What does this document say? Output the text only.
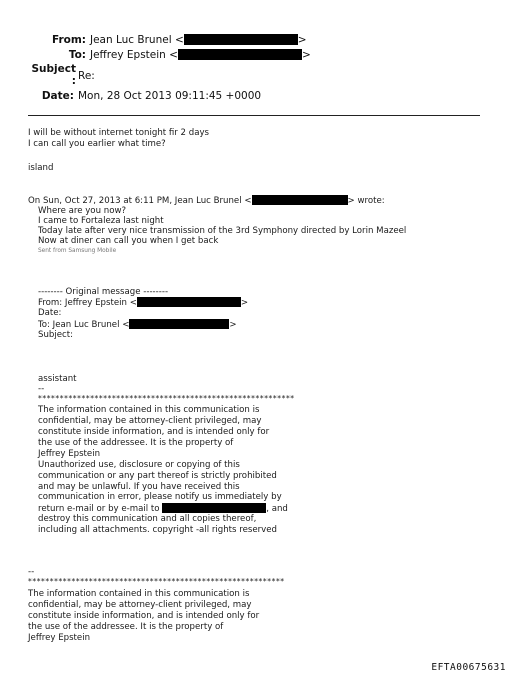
From: Jean Luc Brunel <	>
To: Jeffrey Epstein <	>
Subject
: Re:
Date: Mon, 28 Oct 2013 09:11:45 +0000
I will be without internet tonight fir 2 days
I can call you earlier what time?
island
On Sun, Oct 27, 2013 at 6:11 PM, Jean Luc Brunel <	> wrote:
Where are you now?
I came to Fortaleza last night
Today late after very nice transmission of the 3rd Symphony directed by Lorin Mazeel
Now at diner can call you when I get back
Sent from Samsung Mobile
-------- Original message --------
From: Jeffrey Epstein <	>
Date:
To: Jean Luc Brunel <	>
Subject:
assistant
--
***********************************************************
The information contained in this communication is
confidential, may be attorney-client privileged, may
constitute inside information, and is intended only for
the use of the addressee. It is the property of
Jeffrey Epstein
Unauthorized use, disclosure or copying of this
communication or any part thereof is strictly prohibited
and may be unlawful. If you have received this
communication in error, please notify us immediately by
return e-mail or by e-mail to	, and
destroy this communication and all copies thereof,
including all attachments. copyright -all rights reserved
--
***********************************************************
The information contained in this communication is
confidential, may be attorney-client privileged, may
constitute inside information, and is intended only for
the use of the addressee. It is the property of
Jeffrey Epstein
EFTA00675631
